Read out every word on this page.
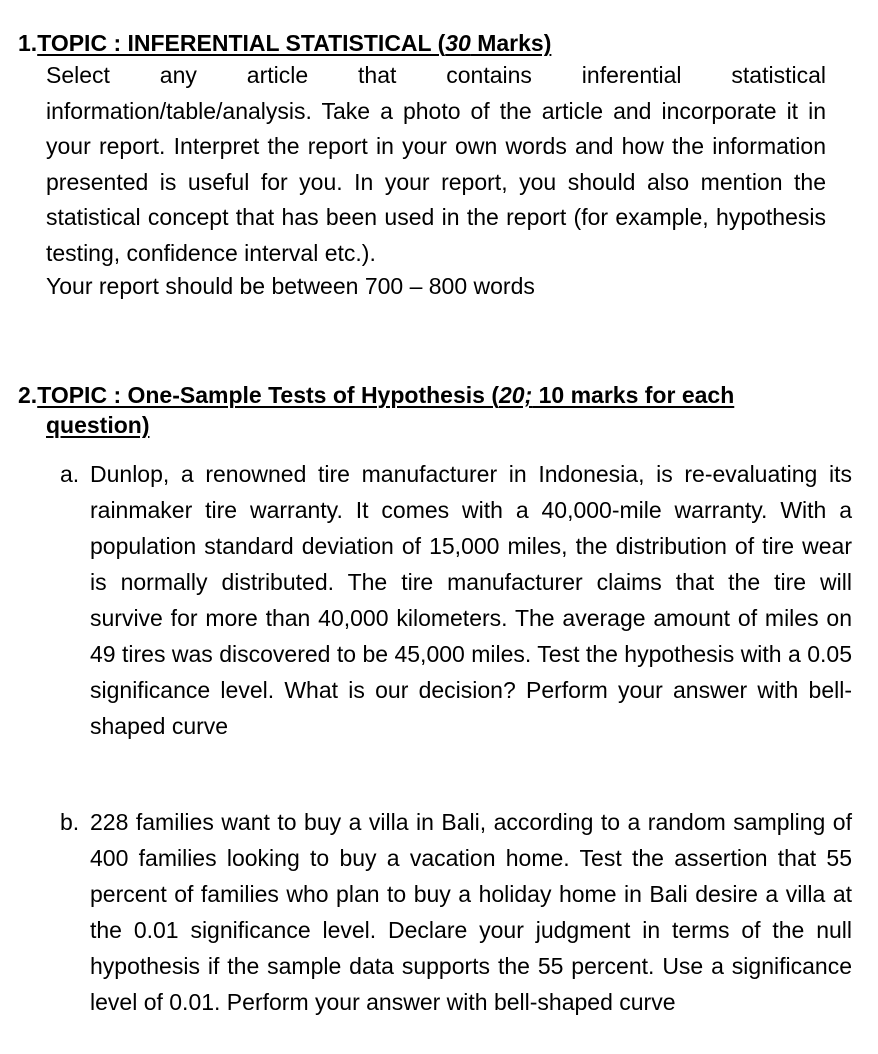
1.TOPIC : INFERENTIAL STATISTICAL (30 Marks)
Select any article that contains inferential statistical information/table/analysis. Take a photo of the article and incorporate it in your report. Interpret the report in your own words and how the information presented is useful for you. In your report, you should also mention the statistical concept that has been used in the report (for example, hypothesis testing, confidence interval etc.).
Your report should be between 700 – 800 words
2. TOPIC : One-Sample Tests of Hypothesis ( 20; 10 marks for each
question)
a. Dunlop, a renowned tire manufacturer in Indonesia, is re-evaluating its rainmaker tire warranty. It comes with a 40,000-mile warranty. With a population standard deviation of 15,000 miles, the distribution of tire wear is normally distributed. The tire manufacturer claims that the tire will survive for more than 40,000 kilometers. The average amount of miles on 49 tires was discovered to be 45,000 miles. Test the hypothesis with a 0.05 significance level. What is our decision? Perform your answer with bell-shaped curve
b. 228 families want to buy a villa in Bali, according to a random sampling of 400 families looking to buy a vacation home. Test the assertion that 55 percent of families who plan to buy a holiday home in Bali desire a villa at the 0.01 significance level. Declare your judgment in terms of the null hypothesis if the sample data supports the 55 percent. Use a significance level of 0.01. Perform your answer with bell-shaped curve
